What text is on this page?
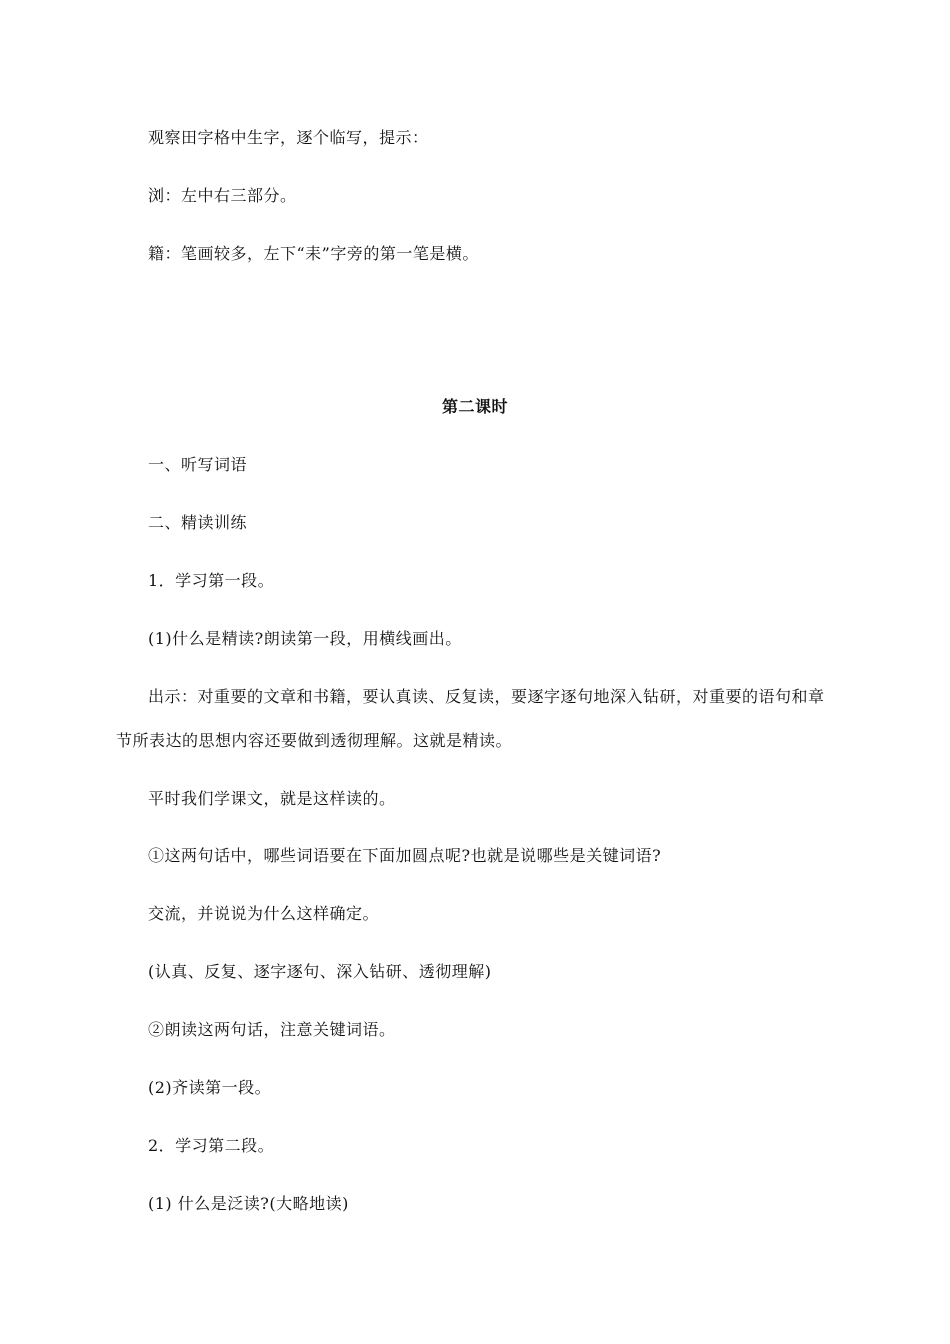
观察田字格中生字，逐个临写，提示：
浏：左中右三部分。
籍：笔画较多，左下“耒”字旁的第一笔是横。
第二课时
一、听写词语
二、精读训练
1．学习第一段。
(1)什么是精读?朗读第一段，用横线画出。
出示：对重要的文章和书籍，要认真读、反复读，要逐字逐句地深入钻研，对重要的语句和章
节所表达的思想内容还要做到透彻理解。这就是精读。
平时我们学课文，就是这样读的。
①这两句话中，哪些词语要在下面加圆点呢?也就是说哪些是关键词语?
交流，并说说为什么这样确定。
(认真、反复、逐字逐句、深入钻研、透彻理解)
②朗读这两句话，注意关键词语。
(2)齐读第一段。
2．学习第二段。
(1) 什么是泛读?(大略地读)
